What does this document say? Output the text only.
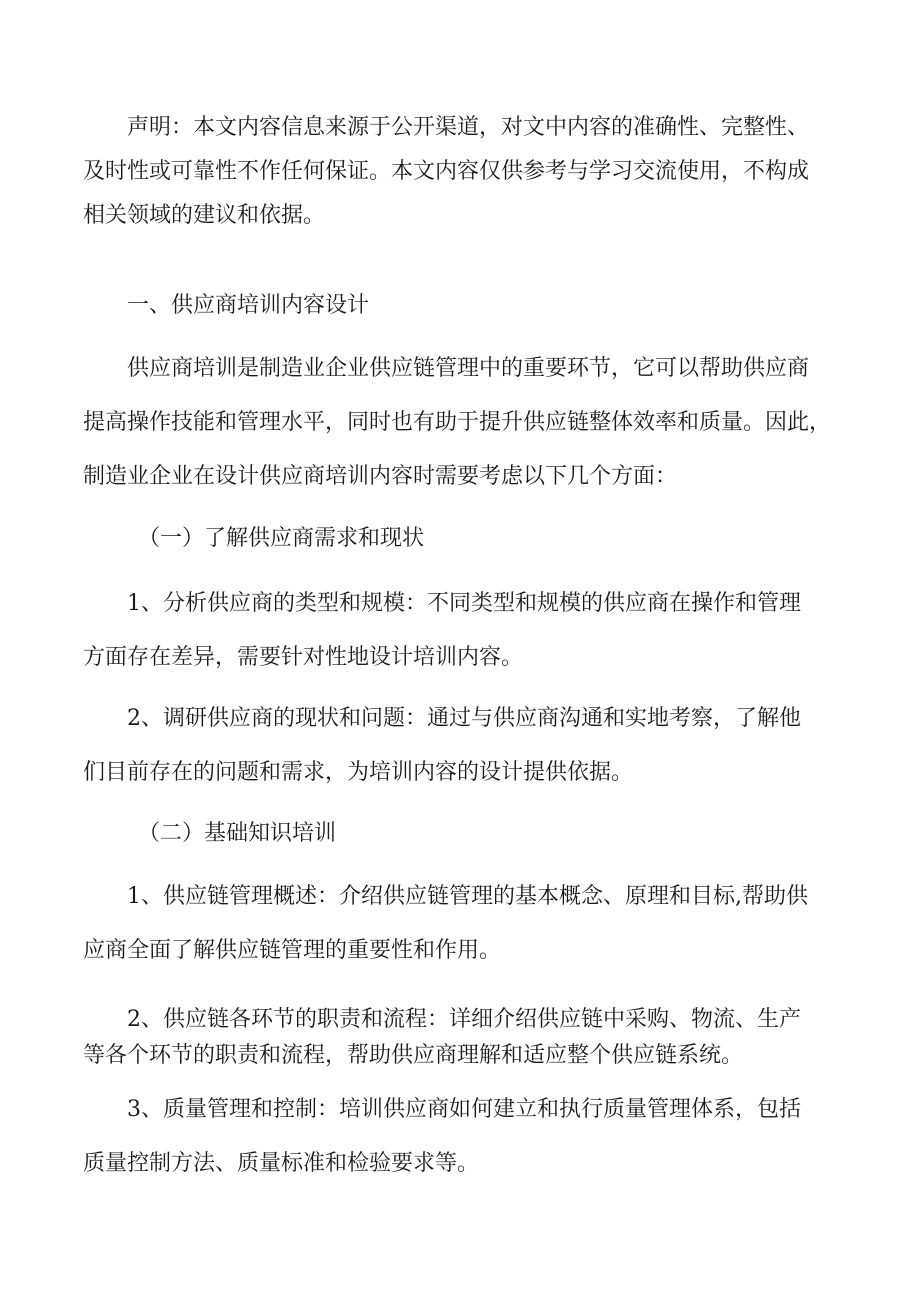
声明：本文内容信息来源于公开渠道，对文中内容的准确性、完整性、
及时性或可靠性不作任何保证。本文内容仅供参考与学习交流使用，不构成
相关领域的建议和依据。

一、供应商培训内容设计

供应商培训是制造业企业供应链管理中的重要环节，它可以帮助供应商
提高操作技能和管理水平，同时也有助于提升供应链整体效率和质量。因此，
制造业企业在设计供应商培训内容时需要考虑以下几个方面：

（一）了解供应商需求和现状

1、分析供应商的类型和规模：不同类型和规模的供应商在操作和管理
方面存在差异，需要针对性地设计培训内容。

2、调研供应商的现状和问题：通过与供应商沟通和实地考察，了解他
们目前存在的问题和需求，为培训内容的设计提供依据。

（二）基础知识培训

1、供应链管理概述：介绍供应链管理的基本概念、原理和目标,帮助供
应商全面了解供应链管理的重要性和作用。

2、供应链各环节的职责和流程：详细介绍供应链中采购、物流、生产
等各个环节的职责和流程，帮助供应商理解和适应整个供应链系统。

3、质量管理和控制：培训供应商如何建立和执行质量管理体系，包括
质量控制方法、质量标准和检验要求等。
